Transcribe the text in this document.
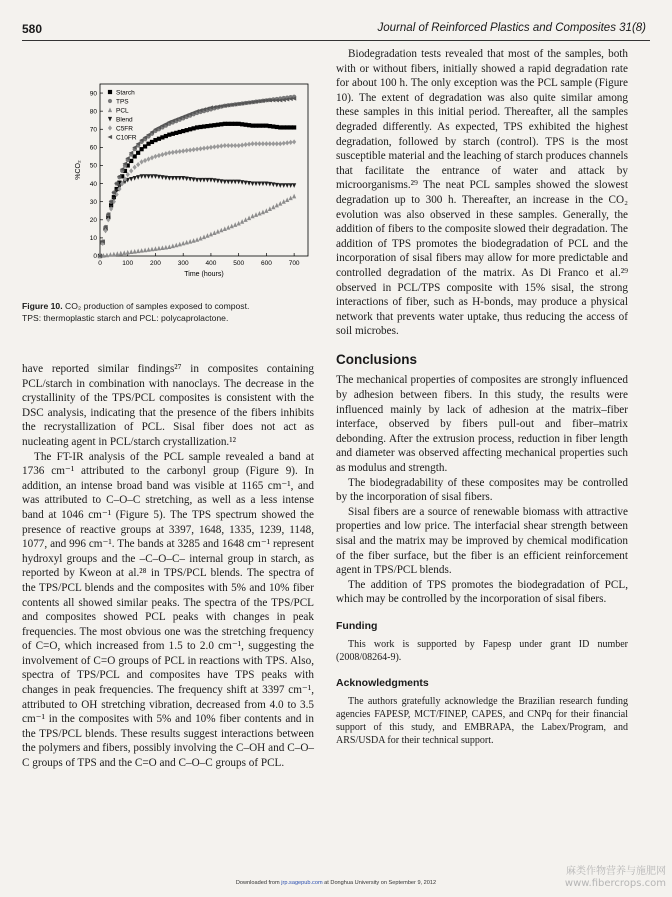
580	Journal of Reinforced Plastics and Composites 31(8)
0	100	200	300	400	500	600	700
0
10
20
30
40
50
60
70
80
90
Time (hours)
%CO₂
Starch
TPS
PCL
Blend
C5FR
C10FR
Figure 10. CO₂ production of samples exposed to compost.
TPS: thermoplastic starch and PCL: polycaprolactone.

have reported similar findings²⁷ in composites containing PCL/starch in combination with nanoclays. The decrease in the crystallinity of the TPS/PCL composites is consistent with the DSC analysis, indicating that the presence of the fibers inhibits the recrystallization of PCL. Sisal fiber does not act as nucleating agent in PCL/starch crystallization.¹²

The FT-IR analysis of the PCL sample revealed a band at 1736 cm⁻¹ attributed to the carbonyl group (Figure 9). In addition, an intense broad band was visible at 1165 cm⁻¹, and was attributed to C–O–C stretching, as well as a less intense band at 1046 cm⁻¹ (Figure 5). The TPS spectrum showed the presence of reactive groups at 3397, 1648, 1335, 1239, 1148, 1077, and 996 cm⁻¹. The bands at 3285 and 1648 cm⁻¹ represent hydroxyl groups and the –C–O–C– internal group in starch, as reported by Kweon at al.²⁸ in TPS/PCL blends. The spectra of the TPS/PCL blends and the composites with 5% and 10% fiber contents all showed similar peaks. The spectra of the TPS/PCL and composites showed PCL peaks with changes in peak frequencies. The most obvious one was the stretching frequency of C=O, which increased from 1.5 to 2.0 cm⁻¹, suggesting the involvement of C=O groups of PCL in reactions with TPS. Also, spectra of TPS/PCL and composites have TPS peaks with changes in peak frequencies. The frequency shift at 3397 cm⁻¹, attributed to OH stretching vibration, decreased from 4.0 to 3.5 cm⁻¹ in the composites with 5% and 10% fiber contents and in the TPS/PCL blends. These results suggest interactions between the polymers and fibers, possibly involving the C–OH and C–O–C groups of TPS and the C=O and C–O–C groups of PCL.

Biodegradation tests revealed that most of the samples, both with or without fibers, initially showed a rapid degradation rate for about 100 h. The only exception was the PCL sample (Figure 10). The extent of degradation was also quite similar among these samples in this initial period. Thereafter, all the samples degraded differently. As expected, TPS exhibited the highest degradation, followed by starch (control). TPS is the most susceptible material and the leaching of starch produces channels that facilitate the entrance of water and attack by microorganisms.²⁹ The neat PCL samples showed the slowest degradation up to 300 h. Thereafter, an increase in the CO₂ evolution was also observed in these samples. Generally, the addition of fibers to the composite slowed their degradation. The addition of TPS promotes the biodegradation of PCL and the incorporation of sisal fibers may allow for more predictable and controlled degradation of the matrix. As Di Franco et al.²⁹ observed in PCL/TPS composite with 15% sisal, the strong interactions of fiber, such as H-bonds, may produce a physical network that prevents water uptake, thus reducing the access of soil microbes.

Conclusions

The mechanical properties of composites are strongly influenced by adhesion between fibers. In this study, the results were influenced mainly by lack of adhesion at the matrix–fiber interface, observed by fibers pull-out and fiber–matrix debonding. After the extrusion process, reduction in fiber length and diameter was observed affecting mechanical properties such as modulus and strength.

The biodegradability of these composites may be controlled by the incorporation of sisal fibers.

Sisal fibers are a source of renewable biomass with attractive properties and low price. The interfacial shear strength between sisal and the matrix may be improved by chemical modification of the fiber surface, but the fiber is an efficient reinforcement agent in TPS/PCL blends.

The addition of TPS promotes the biodegradation of PCL, which may be controlled by the incorporation of sisal fibers.

Funding

This work is supported by Fapesp under grant ID number (2008/08264-9).

Acknowledgments

The authors gratefully acknowledge the Brazilian research funding agencies FAPESP, MCT/FINEP, CAPES, and CNPq for their financial support of this study, and EMBRAPA, the Labex/Program, and ARS/USDA for their technical support.

Downloaded from jrp.sagepub.com at Donghua University on September 9, 2012
麻类作物营养与施肥网
www.fibercrops.com
